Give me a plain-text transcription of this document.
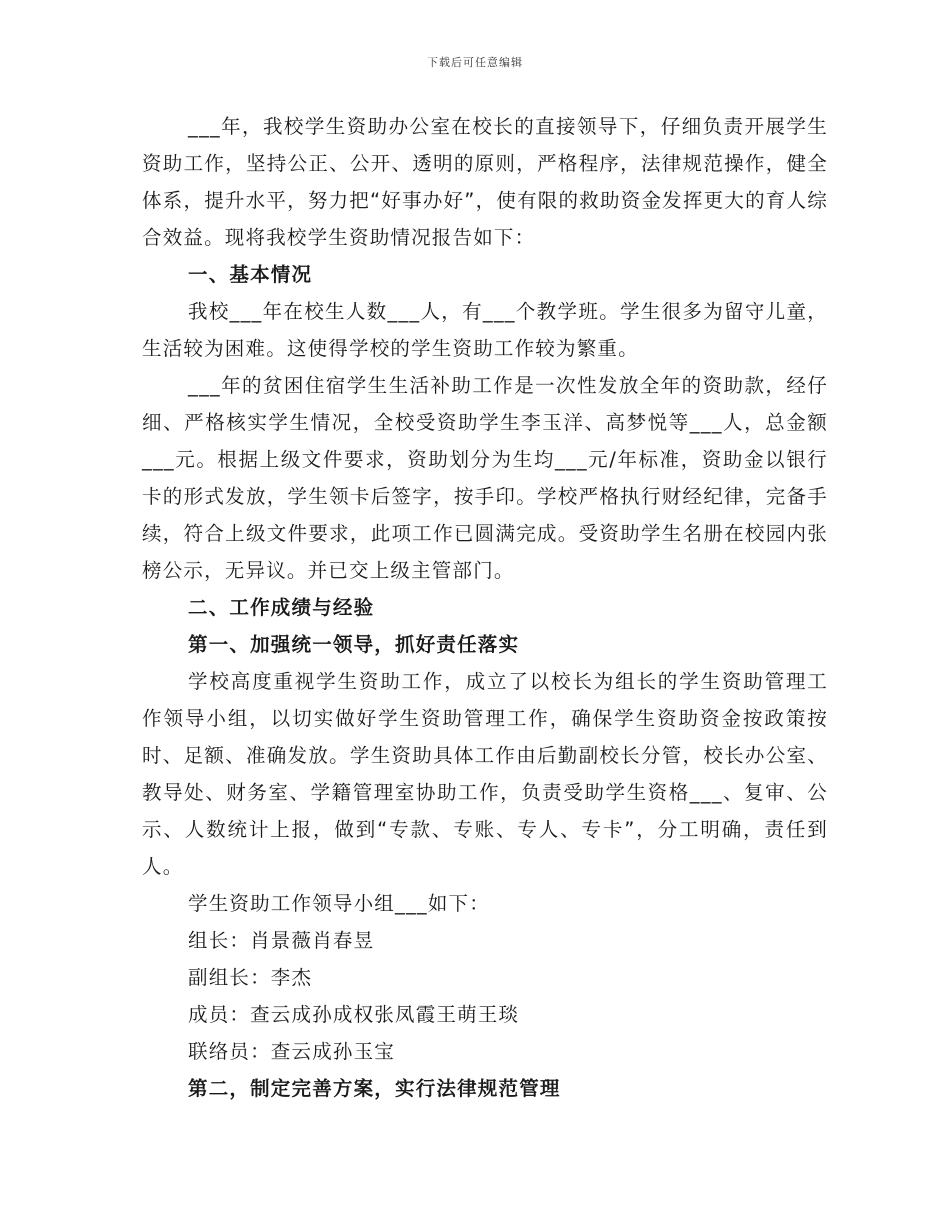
下载后可任意编辑

___年，我校学生资助办公室在校长的直接领导下，仔细负责开展学生资助工作，坚持公正、公开、透明的原则，严格程序，法律规范操作，健全体系，提升水平，努力把“好事办好”，使有限的救助资金发挥更大的育人综合效益。现将我校学生资助情况报告如下：

一、基本情况

我校___年在校生人数___人，有___个教学班。学生很多为留守儿童，生活较为困难。这使得学校的学生资助工作较为繁重。

___年的贫困住宿学生生活补助工作是一次性发放全年的资助款，经仔细、严格核实学生情况，全校受资助学生李玉洋、高梦悦等___人，总金额___元。根据上级文件要求，资助划分为生均___元/年标准，资助金以银行卡的形式发放，学生领卡后签字，按手印。学校严格执行财经纪律，完备手续，符合上级文件要求，此项工作已圆满完成。受资助学生名册在校园内张榜公示，无异议。并已交上级主管部门。

二、工作成绩与经验

第一、加强统一领导，抓好责任落实

学校高度重视学生资助工作，成立了以校长为组长的学生资助管理工作领导小组，以切实做好学生资助管理工作，确保学生资助资金按政策按时、足额、准确发放。学生资助具体工作由后勤副校长分管，校长办公室、教导处、财务室、学籍管理室协助工作，负责受助学生资格___、复审、公示、人数统计上报，做到“专款、专账、专人、专卡”，分工明确，责任到人。

学生资助工作领导小组___如下：

组长：肖景薇肖春昱

副组长：李杰

成员：查云成孙成权张凤霞王萌王琰

联络员：查云成孙玉宝

第二，制定完善方案，实行法律规范管理
